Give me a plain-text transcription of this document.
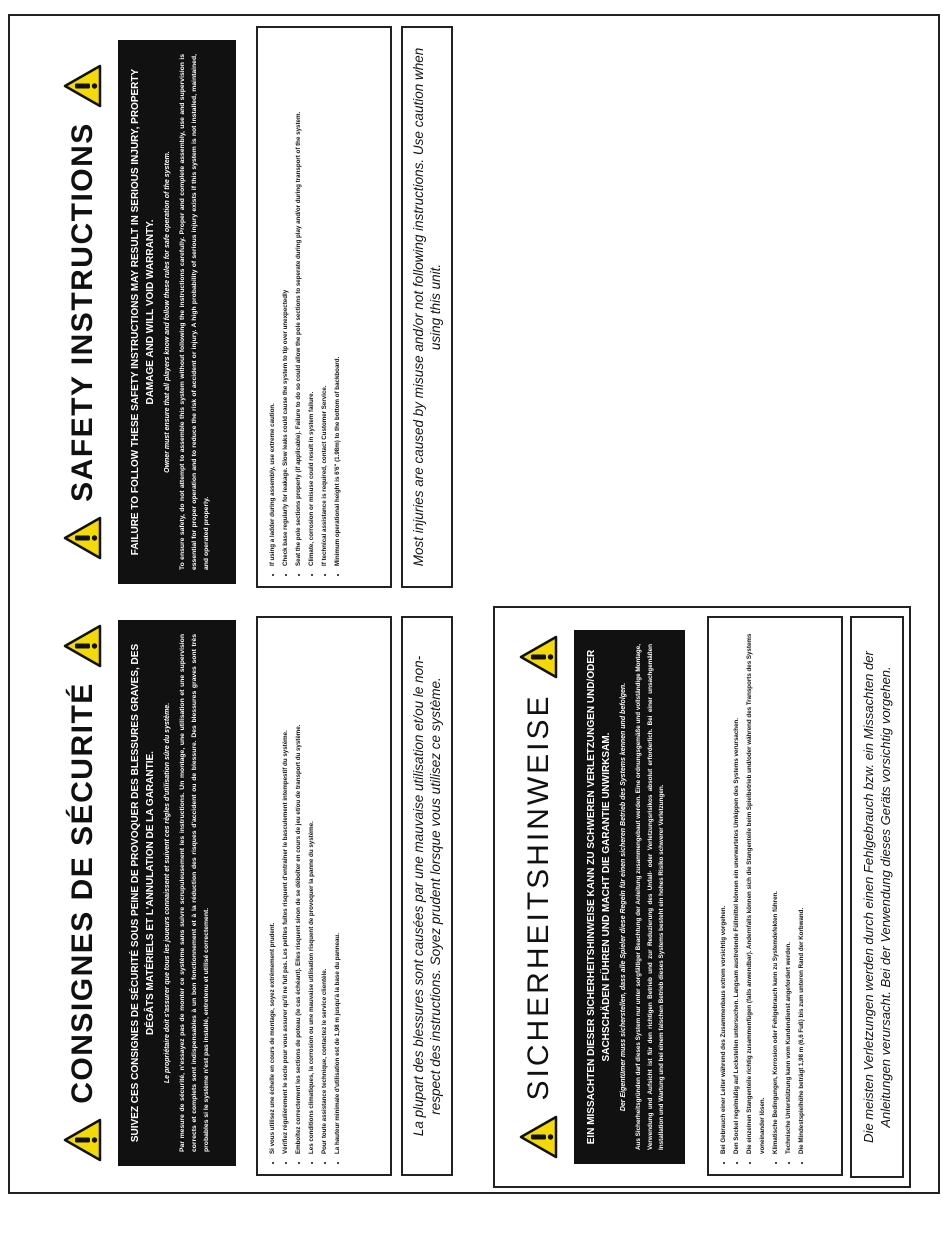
SAFETY INSTRUCTIONS	FAILURE TO FOLLOW THESE SAFETY INSTRUCTIONS MAY RESULT IN SERIOUS INJURY, PROPERTY DAMAGE AND WILL VOID WARRANTY. Owner must ensure that all players know and follow these rules for safe operation of the system. To ensure safety, do not attempt to assemble this system without following the instructions carefully. Proper and complete assembly, use and supervision is essential for proper operation and to reduce the risk of accident or injury. A high probability of serious injury exists if this system is not installed, maintained, and operated properly.	• If using a ladder during assembly, use extreme caution. • Check base regularly for leakage. Slow leaks could cause the system to tip over unexpectedly • Seat the pole sections properly (if applicable). Failure to do so could allow the pole sections to seperate during play and/or during transport of the system. • Climate, corrosion or misuse could result in system failure. • If technical assistance is required, contact Customer Service. • Minimum operational height is 6'6" (1.98m) to the bottom of backboard.	Most injuries are caused by misuse and/or not following instructions. Use caution when using this unit.
CONSIGNES DE SÉCURITÉ	SUIVEZ CES CONSIGNES DE SÉCURITÉ SOUS PEINE DE PROVOQUER DES BLESSURES GRAVES, DES DÉGÂTS MATÉRIELS ET L'ANNULATION DE LA GARANTIE. Le propriétaire doit s'assurer que tous les joueurs connaissent et suivent ces règles d'utilisation sûre du système. Par mesure de sécurité, n'essayez pas de monter ce système sans suivre scrupuleusement les instructions. Un montage, une utilisation et une supervision corrects et complets sont indispensables à un bon fonctionnement et à la réduction des risques d'accident ou de blessure. Des blessures graves sont très probables si le système n'est pas installé, entretenu et utilisé correctement.	• Si vous utilisez une échelle en cours de montage, soyez extrêmement prudent. • Vérifiez régulièrement le socle pour vous assurer qu'il ne fuit pas. Les petites fuites risquent d'entraîner le basculement intempestif du système. • Emboîtez correctement les sections de poteau (le cas échéant). Elles risquent sinon de se déboîter en cours de jeu et/ou de transport du système. • Les conditions climatiques, la corrosion ou une mauvaise utilisation risquent de provoquer la panne du système. • Pour toute assistance technique, contactez le service clientèle. • La hauteur minimale d'utilisation est de 1,98 m jusqu'à la base du panneau.	La plupart des blessures sont causées par une mauvaise utilisation et/ou le non-respect des instructions. Soyez prudent lorsque vous utilisez ce système.	SICHERHEITSHINWEISE	EIN MISSACHTEN DIESER SICHERHEITSHINWEISE KANN ZU SCHWEREN VERLETZUNGEN UND/ODER SACHSCHÄDEN FÜHREN UND MACHT DIE GARANTIE UNWIRKSAM. Der Eigentümer muss sicherstellen, dass alle Spieler diese Regeln für einen sicheren Betrieb des Systems kennen und befolgen.	Aus Sicherheitsgründen darf dieses System nur unter sorgfältiger Beachtung der Anleitung zusammengebaut werden. Eine ordnungsgemäße und vollständige Montage, Verwendung und Aufsicht ist für den richtigen Betrieb und zur Reduzierung des Unfall- oder Verletzungsrisikos absolut erforderlich. Bei einer unsachgemäßen Installation und Wartung und bei einem falschen Betrieb dieses Systems besteht ein hohes Risiko schwerer Verletzungen.	• Bei Gebrauch einer Leiter während des Zusammenbaus extrem vorsichtig vorgehen. • Den Sockel regelmäßig auf Leckstellen untersuchen. Langsam austretende Füllmittel können ein unerwartetes Umkippen des Systems verursachen. • Die einzelnen Stangenteile richtig zusammenfügen (falls anwendbar). Andernfalls können sich die Stangenteile beim Spielbetrieb und/oder während des Transports des Systems voneinander lösen. • Klimatische Bedingungen, Korrosion oder Fehlgebrauch kann zu Systemdefekten führen. • Technische Unterstützung kann vom Kundendienst angefordert werden. • Die Mindestspielhöhe beträgt 1,98 m (6,6 Fuß) bis zum unteren Rand der Korbwand.	Die meisten Verletzungen werden durch einen Fehlgebrauch bzw. ein Missachten der Anleitungen verursacht. Bei der Verwendung dieses Geräts vorsichtig vorgehen.
